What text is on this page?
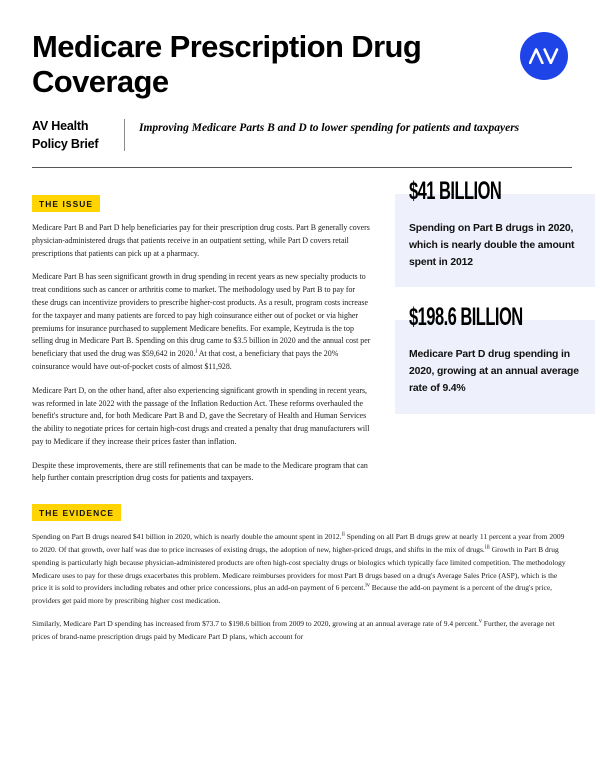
Medicare Prescription Drug Coverage
AV Health Policy Brief
Improving Medicare Parts B and D to lower spending for patients and taxpayers
THE ISSUE

Medicare Part B and Part D help beneficiaries pay for their prescription drug costs. Part B generally covers physician-administered drugs that patients receive in an outpatient setting, while Part D covers retail prescriptions that patients can pick up at a pharmacy.

Medicare Part B has seen significant growth in drug spending in recent years as new specialty products to treat conditions such as cancer or arthritis come to market. The methodology used by Part B to pay for these drugs can incentivize providers to prescribe higher-cost products. As a result, program costs increase for the taxpayer and many patients are forced to pay high coinsurance either out of pocket or via higher premiums for insurance purchased to supplement Medicare benefits. For example, Keytruda is the top selling drug in Medicare Part B. Spending on this drug came to $3.5 billion in 2020 and the annual cost per beneficiary that used the drug was $59,642 in 2020.$^i$ At that cost, a beneficiary that pays the 20% coinsurance would have out-of-pocket costs of almost $11,928.

Medicare Part D, on the other hand, after also experiencing significant growth in spending in recent years, was reformed in late 2022 with the passage of the Inflation Reduction Act. These reforms overhauled the benefit's structure and, for both Medicare Part B and D, gave the Secretary of Health and Human Services the ability to negotiate prices for certain high-cost drugs and created a penalty that drug manufacturers will pay to Medicare if they increase their prices faster than inflation.

Despite these improvements, there are still refinements that can be made to the Medicare program that can help further contain prescription drug costs for patients and taxpayers.

$41 BILLION

Spending on Part B drugs in 2020, which is nearly double the amount spent in 2012

$198.6 BILLION

Medicare Part D drug spending in 2020, growing at an annual average rate of 9.4%

THE EVIDENCE

Spending on Part B drugs neared $41 billion in 2020, which is nearly double the amount spent in 2012.$^{ii}$ Spending on all Part B drugs grew at nearly 11 percent a year from 2009 to 2020. Of that growth, over half was due to price increases of existing drugs, the adoption of new, higher-priced drugs, and shifts in the mix of drugs.$^{iii}$ Growth in Part B drug spending is particularly high because physician-administered products are often high-cost specialty drugs or biologics which typically face limited competition. The methodology Medicare uses to pay for these drugs exacerbates this problem. Medicare reimburses providers for most Part B drugs based on a drug's Average Sales Price (ASP), which is the price it is sold to providers including rebates and other price concessions, plus an add-on payment of 6 percent.$^{iv}$ Because the add-on payment is a percent of the drug's price, providers get paid more by prescribing higher cost medication.

Similarly, Medicare Part D spending has increased from $73.7 to $198.6 billion from 2009 to 2020, growing at an annual average rate of 9.4 percent.$^v$ Further, the average net prices of brand-name prescription drugs paid by Medicare Part D plans, which account for
